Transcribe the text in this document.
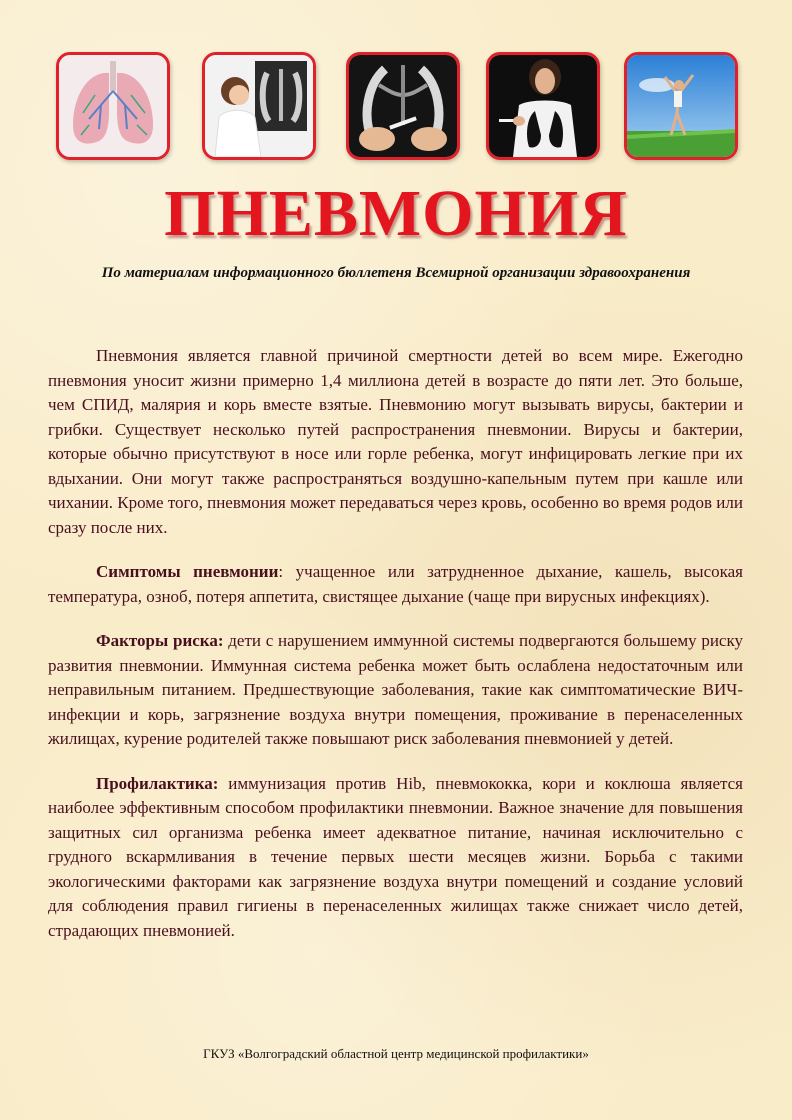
ПНЕВМОНИЯ
По материалам информационного бюллетеня Всемирной организации здравоохранения

Пневмония является главной причиной смертности детей во всем мире. Ежегодно пневмония уносит жизни примерно 1,4 миллиона детей в возрасте до пяти лет. Это больше, чем СПИД, малярия и корь вместе взятые. Пневмонию могут вызывать вирусы, бактерии и грибки. Существует несколько путей распространения пневмонии. Вирусы и бактерии, которые обычно присутствуют в носе или горле ребенка, могут инфицировать легкие при их вдыхании. Они могут также распространяться воздушно-капельным путем при кашле или чихании. Кроме того, пневмония может передаваться через кровь, особенно во время родов или сразу после них.

Симптомы пневмонии: учащенное или затрудненное дыхание, кашель, высокая температура, озноб, потеря аппетита, свистящее дыхание (чаще при вирусных инфекциях).

Факторы риска: дети с нарушением иммунной системы подвергаются большему риску развития пневмонии. Иммунная система ребенка может быть ослаблена недостаточным или неправильным питанием. Предшествующие заболевания, такие как симптоматические ВИЧ-инфекции и корь, загрязнение воздуха внутри помещения, проживание в перенаселенных жилищах, курение родителей также повышают риск заболевания пневмонией у детей.

Профилактика: иммунизация против Hib, пневмококка, кори и коклюша является наиболее эффективным способом профилактики пневмонии. Важное значение для повышения защитных сил организма ребенка имеет адекватное питание, начиная исключительно с грудного вскармливания в течение первых шести месяцев жизни. Борьба с такими экологическими факторами как загрязнение воздуха внутри помещений и создание условий для соблюдения правил гигиены в перенаселенных жилищах также снижает число детей, страдающих пневмонией.

ГКУЗ «Волгоградский областной центр медицинской профилактики»
